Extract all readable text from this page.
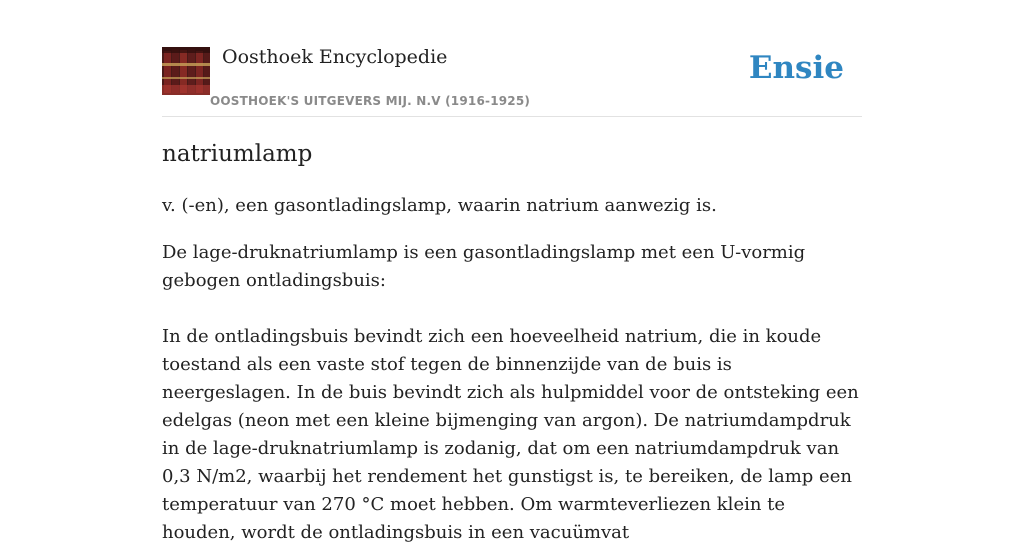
Oosthoek Encyclopedie
OOSTHOEK'S UITGEVERS MIJ. N.V (1916-1925)
Ensie
natriumlamp

v. (-en), een gasontladingslamp, waarin natrium aanwezig is.

De lage-druknatriumlamp is een gasontladingslamp met een U-vormig gebogen ontladingsbuis:

In de ontladingsbuis bevindt zich een hoeveelheid natrium, die in koude toestand als een vaste stof tegen de binnenzijde van de buis is neergeslagen. In de buis bevindt zich als hulpmiddel voor de ontsteking een edelgas (neon met een kleine bijmenging van argon). De natriumdampdruk in de lage-druknatriumlamp is zodanig, dat om een natriumdampdruk van 0,3 N/m2, waarbij het rendement het gunstigst is, te bereiken, de lamp een temperatuur van 270 °C moet hebben. Om warmteverliezen klein te houden, wordt de ontladingsbuis in een vacuümvat
